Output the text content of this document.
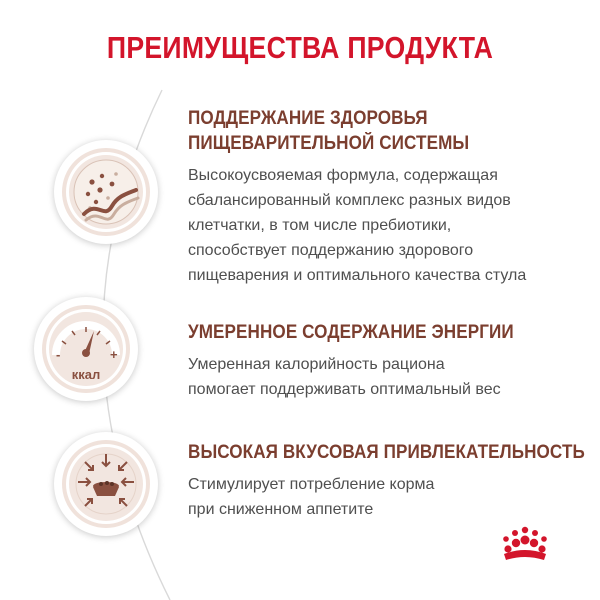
ПРЕИМУЩЕСТВА ПРОДУКТА
ПОДДЕРЖАНИЕ ЗДОРОВЬЯ
ПИЩЕВАРИТЕЛЬНОЙ СИСТЕМЫ
Высокоусвояемая формула, содержащая
сбалансированный комплекс разных видов
клетчатки, в том числе пребиотики,
способствует поддержанию здорового
пищеварения и оптимального качества стула
-	+
ккал
УМЕРЕННОЕ СОДЕРЖАНИЕ ЭНЕРГИИ
Умеренная калорийность рациона
помогает поддерживать оптимальный вес
ВЫСОКАЯ ВКУСОВАЯ ПРИВЛЕКАТЕЛЬНОСТЬ
Стимулирует потребление корма
при сниженном аппетите
